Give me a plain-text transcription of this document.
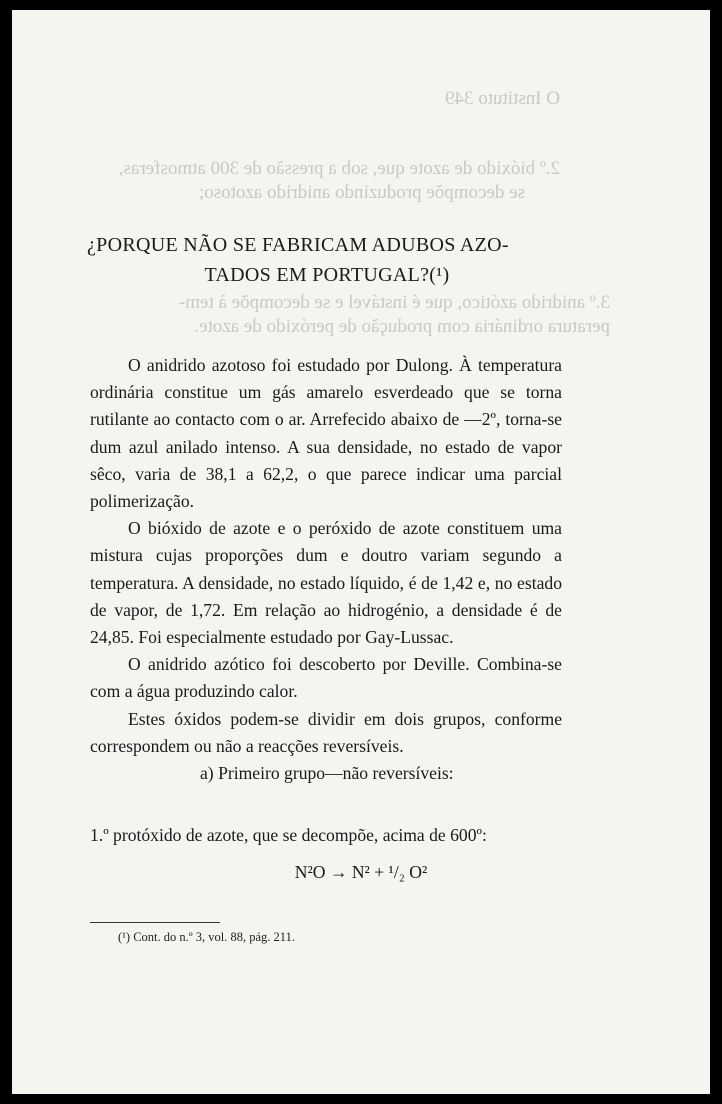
O Instituto 349
2.º bióxido de azote que, sob a pressão de 300 atmosferas,
se decompõe produzindo anidrido azotoso;
3.º anidrido azótico, que é instável e se decompõe à tem-
peratura ordinária com produção de peróxido de azote.
¿PORQUE NÃO SE FABRICAM ADUBOS AZO-
TADOS EM PORTUGAL?(¹)

O anidrido azotoso foi estudado por Dulong. À temperatura ordinária constitue um gás amarelo esverdeado que se torna rutilante ao contacto com o ar. Arrefecido abaixo de —2º, torna-se dum azul anilado intenso. A sua densidade, no estado de vapor sêco, varia de 38,1 a 62,2, o que parece indicar uma parcial polimerização.

O bióxido de azote e o peróxido de azote constituem uma mistura cujas proporções dum e doutro variam segundo a temperatura. A densidade, no estado líquido, é de 1,42 e, no estado de vapor, de 1,72. Em relação ao hidrogénio, a densidade é de 24,85. Foi especialmente estudado por Gay-Lussac.

O anidrido azótico foi descoberto por Deville. Combina-se com a água produzindo calor.

Estes óxidos podem-se dividir em dois grupos, conforme correspondem ou não a reacções reversíveis.

a) Primeiro grupo—não reversíveis:

1.º protóxido de azote, que se decompõe, acima de 600º:
N²O → N² + ¹/₂ O²
(¹) Cont. do n.º 3, vol. 88, pág. 211.
